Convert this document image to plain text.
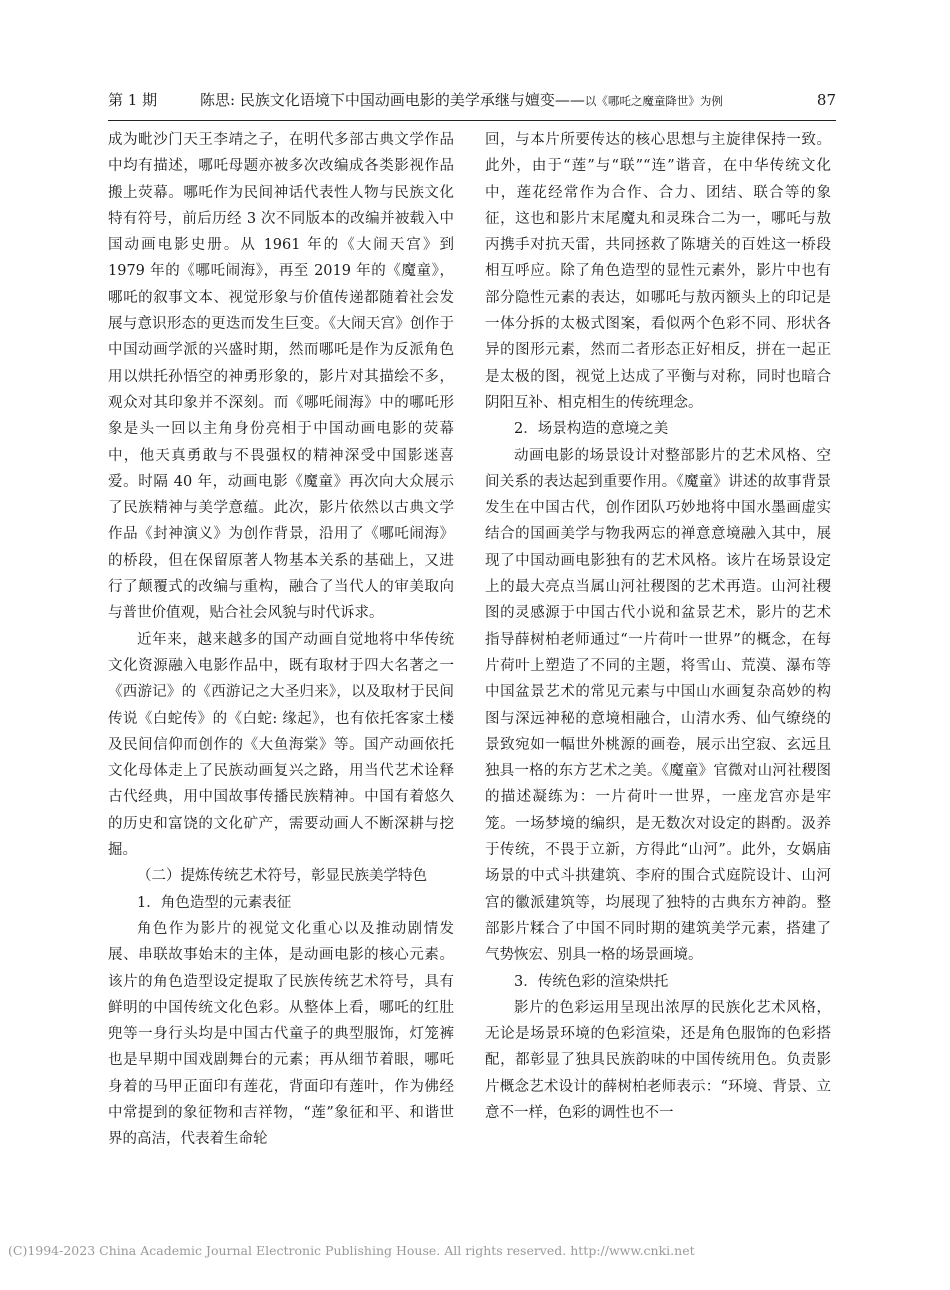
第 1 期	陈思: 民族文化语境下中国动画电影的美学承继与嬗变——以《哪吒之魔童降世》为例	87

成为毗沙门天王李靖之子，在明代多部古典文学作品中均有描述，哪吒母题亦被多次改编成各类影视作品搬上荧幕。哪吒作为民间神话代表性人物与民族文化特有符号，前后历经 3 次不同版本的改编并被载入中国动画电影史册。从 1961 年的《大闹天宫》到 1979 年的《哪吒闹海》，再至 2019 年的《魔童》，哪吒的叙事文本、视觉形象与价值传递都随着社会发展与意识形态的更迭而发生巨变。《大闹天宫》创作于中国动画学派的兴盛时期，然而哪吒是作为反派角色用以烘托孙悟空的神勇形象的，影片对其描绘不多，观众对其印象并不深刻。而《哪吒闹海》中的哪吒形象是头一回以主角身份亮相于中国动画电影的荧幕中，他天真勇敢与不畏强权的精神深受中国影迷喜爱。时隔 40 年，动画电影《魔童》再次向大众展示了民族精神与美学意蕴。此次，影片依然以古典文学作品《封神演义》为创作背景，沿用了《哪吒闹海》的桥段，但在保留原著人物基本关系的基础上，又进行了颠覆式的改编与重构，融合了当代人的审美取向与普世价值观，贴合社会风貌与时代诉求。

近年来，越来越多的国产动画自觉地将中华传统文化资源融入电影作品中，既有取材于四大名著之一《西游记》的《西游记之大圣归来》，以及取材于民间传说《白蛇传》的《白蛇: 缘起》，也有依托客家土楼及民间信仰而创作的《大鱼海棠》等。国产动画依托文化母体走上了民族动画复兴之路，用当代艺术诠释古代经典，用中国故事传播民族精神。中国有着悠久的历史和富饶的文化矿产，需要动画人不断深耕与挖掘。

（二）提炼传统艺术符号，彰显民族美学特色

1．角色造型的元素表征

角色作为影片的视觉文化重心以及推动剧情发展、串联故事始末的主体，是动画电影的核心元素。该片的角色造型设定提取了民族传统艺术符号，具有鲜明的中国传统文化色彩。从整体上看，哪吒的红肚兜等一身行头均是中国古代童子的典型服饰，灯笼裤也是早期中国戏剧舞台的元素；再从细节着眼，哪吒身着的马甲正面印有莲花，背面印有莲叶，作为佛经中常提到的象征物和吉祥物，“莲”象征和平、和谐世界的高洁，代表着生命轮

回，与本片所要传达的核心思想与主旋律保持一致。此外，由于“莲”与“联”“连”谐音，在中华传统文化中，莲花经常作为合作、合力、团结、联合等的象征，这也和影片末尾魔丸和灵珠合二为一，哪吒与敖丙携手对抗天雷，共同拯救了陈塘关的百姓这一桥段相互呼应。除了角色造型的显性元素外，影片中也有部分隐性元素的表达，如哪吒与敖丙额头上的印记是一体分拆的太极式图案，看似两个色彩不同、形状各异的图形元素，然而二者形态正好相反，拼在一起正是太极的图，视觉上达成了平衡与对称，同时也暗合阴阳互补、相克相生的传统理念。

2．场景构造的意境之美

动画电影的场景设计对整部影片的艺术风格、空间关系的表达起到重要作用。《魔童》讲述的故事背景发生在中国古代，创作团队巧妙地将中国水墨画虚实结合的国画美学与物我两忘的禅意意境融入其中，展现了中国动画电影独有的艺术风格。该片在场景设定上的最大亮点当属山河社稷图的艺术再造。山河社稷图的灵感源于中国古代小说和盆景艺术，影片的艺术指导薛树柏老师通过“一片荷叶一世界”的概念，在每片荷叶上塑造了不同的主题，将雪山、荒漠、瀑布等中国盆景艺术的常见元素与中国山水画复杂高妙的构图与深远神秘的意境相融合，山清水秀、仙气缭绕的景致宛如一幅世外桃源的画卷，展示出空寂、玄远且独具一格的东方艺术之美。《魔童》官微对山河社稷图的描述凝练为：一片荷叶一世界，一座龙宫亦是牢笼。一场梦境的编织，是无数次对设定的斟酌。汲养于传统，不畏于立新，方得此“山河”。此外，女娲庙场景的中式斗拱建筑、李府的围合式庭院设计、山河宫的徽派建筑等，均展现了独特的古典东方神韵。整部影片糅合了中国不同时期的建筑美学元素，搭建了气势恢宏、别具一格的场景画境。

3．传统色彩的渲染烘托

影片的色彩运用呈现出浓厚的民族化艺术风格，无论是场景环境的色彩渲染，还是角色服饰的色彩搭配，都彰显了独具民族韵味的中国传统用色。负责影片概念艺术设计的薛树柏老师表示：“环境、背景、立意不一样，色彩的调性也不一

(C)1994-2023 China Academic Journal Electronic Publishing House. All rights reserved. http://www.cnki.net
